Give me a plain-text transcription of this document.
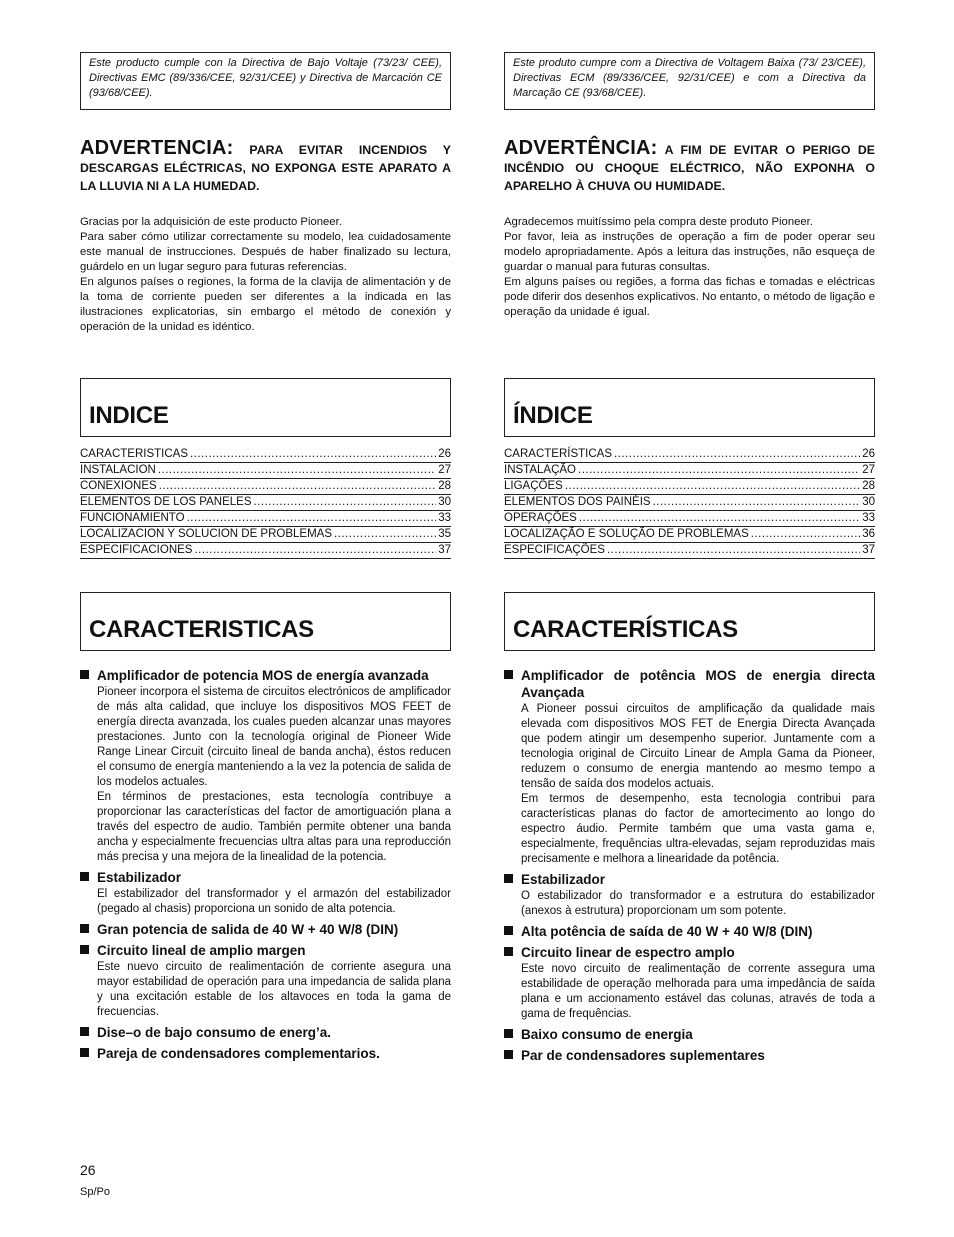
Este producto cumple con la Directiva de Bajo Voltaje (73/23/ CEE), Directivas EMC (89/336/CEE, 92/31/CEE) y Directiva de Marcación CE (93/68/CEE).
ADVERTENCIA: PARA EVITAR INCENDIOS Y DESCARGAS ELÉCTRICAS, NO EXPONGA ESTE APARATO A LA LLUVIA NI A LA HUMEDAD.

Gracias por la adquisición de este producto Pioneer.

Para saber cómo utilizar correctamente su modelo, lea cuidadosamente este manual de instrucciones. Después de haber finalizado su lectura, guárdelo en un lugar seguro para futuras referencias.

En algunos países o regiones, la forma de la clavija de alimentación y de la toma de corriente pueden ser diferentes a la indicada en las ilustraciones explicatorias, sin embargo el método de conexión y operación de la unidad es idéntico.

INDICE
CARACTERISTICAS .....	26
INSTALACION .....	27
CONEXIONES .....	28
ELEMENTOS DE LOS PANELES .....	30
FUNCIONAMIENTO .....	33
LOCALIZACION Y SOLUCION DE PROBLEMAS .....	35
ESPECIFICACIONES .....	37
CARACTERISTICAS
Amplificador de potencia MOS de energía avanzada

Pioneer incorpora el sistema de circuitos electrónicos de amplificador de más alta calidad, que incluye los dispositivos MOS FEET de energía directa avanzada, los cuales pueden alcanzar unas mayores prestaciones. Junto con la tecnología original de Pioneer Wide Range Linear Circuit (circuito lineal de banda ancha), éstos reducen el consumo de energía manteniendo a la vez la potencia de salida de los modelos actuales.

En términos de prestaciones, esta tecnología contribuye a proporcionar las características del factor de amortiguación plana a través del espectro de audio. También permite obtener una banda ancha y especialmente frecuencias ultra altas para una reproducción más precisa y una mejora de la linealidad de la potencia.

Estabilizador

El estabilizador del transformador y el armazón del estabilizador (pegado al chasis) proporciona un sonido de alta potencia.

Gran potencia de salida de 40 W + 40 W/8 (DIN)
Circuito lineal de amplio margen

Este nuevo circuito de realimentación de corriente asegura una mayor estabilidad de operación para una impedancia de salida plana y una excitación estable de los altavoces en toda la gama de frecuencias.

Dise–o de bajo consumo de energ’a.
Pareja de condensadores complementarios.
Este produto cumpre com a Directiva de Voltagem Baixa (73/ 23/CEE), Directivas ECM (89/336/CEE, 92/31/CEE) e com a Directiva da Marcação CE (93/68/CEE).
ADVERTÊNCIA: A FIM DE EVITAR O PERIGO DE INCÊNDIO OU CHOQUE ELÉCTRICO, NÃO EXPONHA O APARELHO À CHUVA OU HUMIDADE.

Agradecemos muitíssimo pela compra deste produto Pioneer.

Por favor, leia as instruções de operação a fim de poder operar seu modelo apropriadamente. Após a leitura das instruções, não esqueça de guardar o manual para futuras consultas.

Em alguns países ou regiões, a forma das fichas e tomadas e eléctricas pode diferir dos desenhos explicativos. No entanto, o método de ligação e operação da unidade é igual.

ÍNDICE
CARACTERÍSTICAS .....	26
INSTALAÇÃO .....	27
LIGAÇÕES .....	28
ELEMENTOS DOS PAINÉIS .....	30
OPERAÇÕES .....	33
LOCALIZAÇÃO E SOLUÇÃO DE PROBLEMAS .....	36
ESPECIFICAÇÕES .....	37
CARACTERÍSTICAS
Amplificador de potência MOS de energia directa Avançada

A Pioneer possui circuitos de amplificação da qualidade mais elevada com dispositivos MOS FET de Energia Directa Avançada que podem atingir um desempenho superior. Juntamente com a tecnologia original de Circuito Linear de Ampla Gama da Pioneer, reduzem o consumo de energia mantendo ao mesmo tempo a tensão de saída dos modelos actuais.

Em termos de desempenho, esta tecnologia contribui para características planas do factor de amortecimento ao longo do espectro áudio. Permite também que uma vasta gama e, especialmente, frequências ultra-elevadas, sejam reproduzidas mais precisamente e melhora a linearidade da potência.

Estabilizador

O estabilizador do transformador e a estrutura do estabilizador (anexos à estrutura) proporcionam um som potente.

Alta potência de saída de 40 W + 40 W/8 (DIN)
Circuito linear de espectro amplo

Este novo circuito de realimentação de corrente assegura uma estabilidade de operação melhorada para uma impedância de saída plana e um accionamento estável das colunas, através de toda a gama de frequências.

Baixo consumo de energia
Par de condensadores suplementares
26
Sp/Po
